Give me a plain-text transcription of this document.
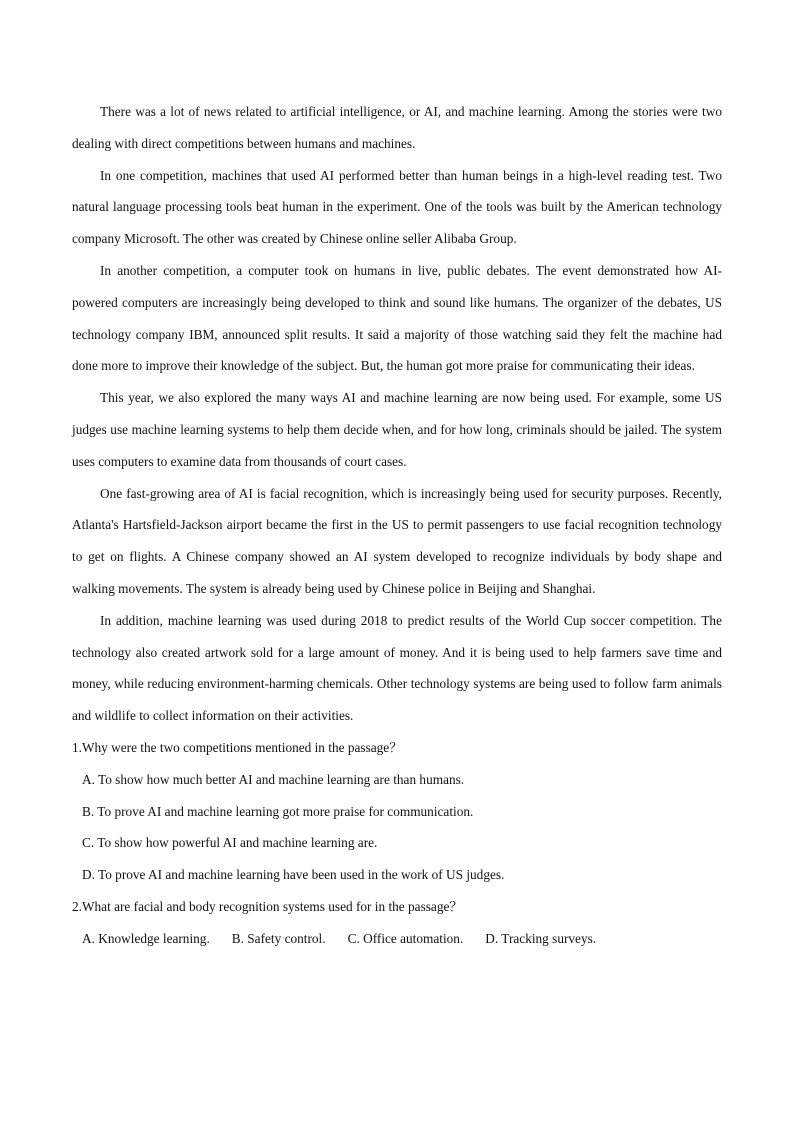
There was a lot of news related to artificial intelligence, or AI, and machine learning. Among the stories were two dealing with direct competitions between humans and machines.

In one competition, machines that used AI performed better than human beings in a high-level reading test. Two natural language processing tools beat human in the experiment. One of the tools was built by the American technology company Microsoft. The other was created by Chinese online seller Alibaba Group.

In another competition, a computer took on humans in live, public debates. The event demonstrated how AI-powered computers are increasingly being developed to think and sound like humans. The organizer of the debates, US technology company IBM, announced split results. It said a majority of those watching said they felt the machine had done more to improve their knowledge of the subject. But, the human got more praise for communicating their ideas.

This year, we also explored the many ways AI and machine learning are now being used. For example, some US judges use machine learning systems to help them decide when, and for how long, criminals should be jailed. The system uses computers to examine data from thousands of court cases.

One fast-growing area of AI is facial recognition, which is increasingly being used for security purposes. Recently, Atlanta's Hartsfield-Jackson airport became the first in the US to permit passengers to use facial recognition technology to get on flights. A Chinese company showed an AI system developed to recognize individuals by body shape and walking movements. The system is already being used by Chinese police in Beijing and Shanghai.

In addition, machine learning was used during 2018 to predict results of the World Cup soccer competition. The technology also created artwork sold for a large amount of money. And it is being used to help farmers save time and money, while reducing environment-harming chemicals. Other technology systems are being used to follow farm animals and wildlife to collect information on their activities.

1.Why were the two competitions mentioned in the passage？

A. To show how much better AI and machine learning are than humans.

B. To prove AI and machine learning got more praise for communication.

C. To show how powerful AI and machine learning are.

D. To prove AI and machine learning have been used in the work of US judges.

2.What are facial and body recognition systems used for in the passage？

A. Knowledge learning. B. Safety control. C. Office automation. D. Tracking surveys.
